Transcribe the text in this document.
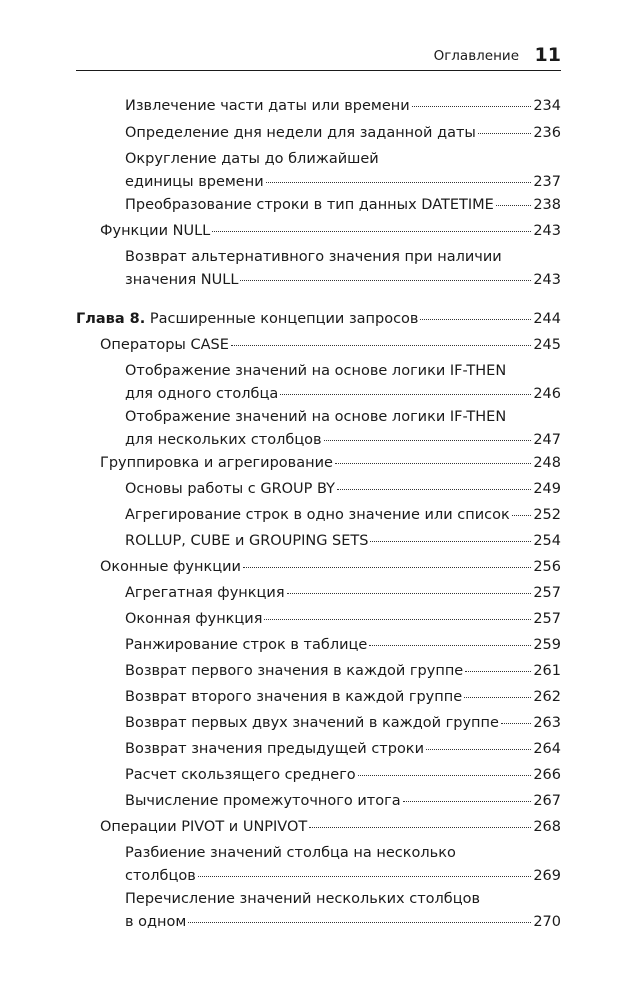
Оглавление 11
Извлечение части даты или времени	234
Определение дня недели для заданной даты	236
Округление даты до ближайшей
единицы времени	237
Преобразование строки в тип данных DATETIME	238
Функции NULL	243
Возврат альтернативного значения при наличии
значения NULL	243
Глава 8. Расширенные концепции запросов	244
Операторы CASE	245
Отображение значений на основе логики IF-THEN
для одного столбца	246
Отображение значений на основе логики IF-THEN
для нескольких столбцов	247
Группировка и агрегирование	248
Основы работы с GROUP BY	249
Агрегирование строк в одно значение или список 252
ROLLUP, CUBE и GROUPING SETS	254
Оконные функции	256
Агрегатная функция	257
Оконная функция	257
Ранжирование строк в таблице	259
Возврат первого значения в каждой группе	261
Возврат второго значения в каждой группе	262
Возврат первых двух значений в каждой группе 263
Возврат значения предыдущей строки	264
Расчет скользящего среднего	266
Вычисление промежуточного итога	267
Операции PIVOT и UNPIVOT	268
Разбиение значений столбца на несколько
столбцов	269
Перечисление значений нескольких столбцов
в одном	270
